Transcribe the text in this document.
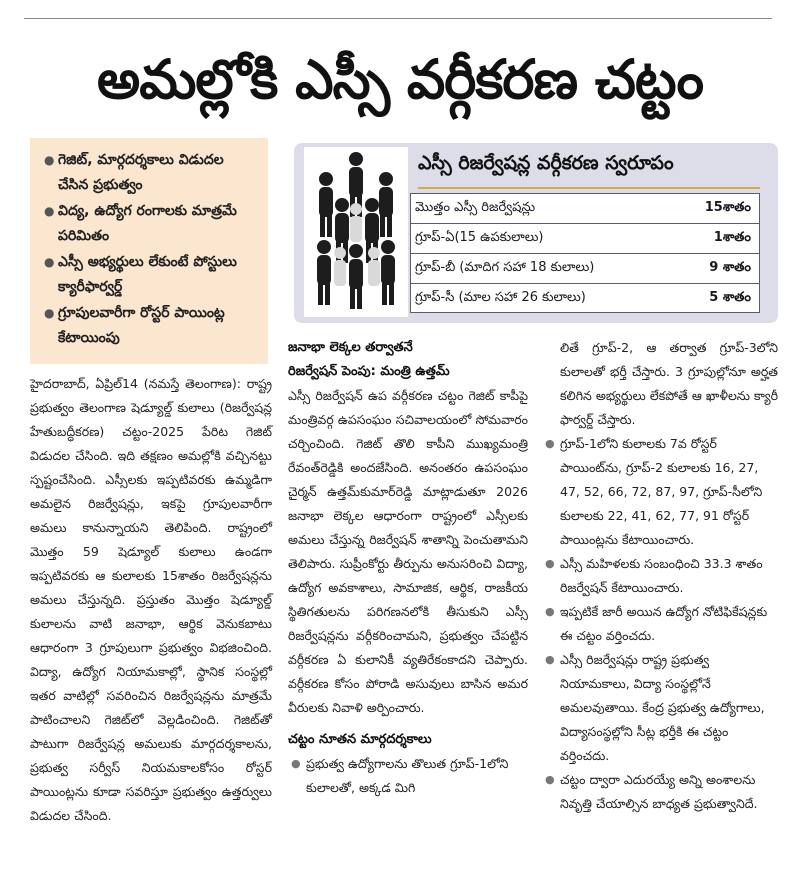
అమల్లోకి ఎస్సీ వర్గీకరణ చట్టం
● గెజిట్, మార్గదర్శకాలు విడుదల చేసిన ప్రభుత్వం
● విద్య, ఉద్యోగ రంగాలకు మాత్రమే పరిమితం
● ఎస్సీ అభ్యర్థులు లేకుంటే పోస్టులు క్యారీఫార్వర్డ్
● గ్రూపులవారీగా రోస్టర్ పాయింట్ల కేటాయింపు
ఎస్సీ రిజర్వేషన్ల వర్గీకరణ స్వరూపం
మొత్తం ఎస్సీ రిజర్వేషన్లు	15శాతం
గ్రూప్‌-ఏ(15 ఉపకులాలు)	1శాతం
గ్రూప్‌-బీ (మాదిగ సహా 18 కులాలు)	9 శాతం
గ్రూప్‌-సీ (మాల సహా 26 కులాలు)	5 శాతం

హైదరాబాద్, ఏప్రిల్14 (నమస్తే తెలంగాణ): రాష్ట్ర ప్రభుత్వం తెలంగాణ షెడ్యూల్డ్ కులాలు (రిజర్వేషన్ల హేతుబద్ధీకరణ) చట్టం-2025 పేరిట గెజిట్ విడుదల చేసింది. ఇది తక్షణం అమల్లోకి వచ్చినట్టు స్పష్టంచేసింది. ఎస్సీలకు ఇప్పటివరకు ఉమ్మడిగా అమలైన రిజర్వేషన్లు, ఇకపై గ్రూపులవారీగా అమలు కానున్నాయని తెలిపింది. రాష్ట్రంలో మొత్తం 59 షెడ్యూల్ కులాలు ఉండగా ఇప్పటివరకు ఆ కులాలకు 15శాతం రిజర్వేషన్లను అమలు చేస్తున్నది. ప్రస్తుతం మొత్తం షెడ్యూల్డ్ కులాలను వాటి జనాభా, ఆర్థిక వెనుకబాటు ఆధారంగా 3 గ్రూపులుగా ప్రభుత్వం విభజించింది. విద్యా, ఉద్యోగ నియామకాల్లో, స్థానిక సంస్థల్లో ఇతర వాటిల్లో సవరించిన రిజర్వేషన్లను మాత్రమే పాటించాలని గెజిట్‌లో వెల్లడించింది. గెజిట్‌తో పాటుగా రిజర్వేషన్ల అమలుకు మార్గదర్శకాలను, ప్రభుత్వ సర్వీస్ నియమకాలకోసం రోస్టర్ పాయింట్లను కూడా సవరిస్తూ ప్రభుత్వం ఉత్తర్వులు విడుదల చేసింది.

జనాభా లెక్కల తర్వాతనే
రిజర్వేషన్ పెంపు: మంత్రి ఉత్తమ్

ఎస్సీ రిజర్వేషన్ ఉప వర్గీకరణ చట్టం గెజిట్ కాపీపై మంత్రివర్గ ఉపసంఘం సచివాలయంలో సోమవారం చర్చించింది. గెజిట్ తొలి కాపీని ముఖ్యమంత్రి రేవంత్‌రెడ్డికి అందజేసింది. అనంతరం ఉపసంఘం చైర్మన్ ఉత్తమ్‌కుమార్‌రెడ్డి మాట్లాడుతూ 2026 జనాభా లెక్కల ఆధారంగా రాష్ట్రంలో ఎస్సీలకు అమలు చేస్తున్న రిజర్వేషన్ శాతాన్ని పెంచుతామని తెలిపారు. సుప్రీంకోర్టు తీర్పును అనుసరించి విద్యా, ఉద్యోగ అవకాశాలు, సామాజిక, ఆర్థిక, రాజకీయ స్థితిగతులను పరిగణనలోకి తీసుకుని ఎస్సీ రిజర్వేషన్లను వర్గీకరించామని, ప్రభుత్వం చేపట్టిన వర్గీకరణ ఏ కులానికీ వ్యతిరేకంకాదని చెప్పారు. వర్గీకరణ కోసం పోరాడి అసువులు బాసిన అమర వీరులకు నివాళి అర్పించారు.

చట్టం నూతన మార్గదర్శకాలు
● ప్రభుత్వ ఉద్యోగాలను తొలుత గ్రూప్‌-1లోని కులాలతో, అక్కడ మిగి

లితే గ్రూప్‌-2, ఆ తర్వాత గ్రూప్‌-3లోని కులాలతో భర్తీ చేస్తారు. 3 గ్రూపుల్లోనూ అర్హత కలిగిన అభ్యర్థులు లేకపోతే ఆ ఖాళీలను క్యారీ ఫార్వర్డ్ చేస్తారు.

● గ్రూప్‌-1లోని కులాలకు 7వ రోస్టర్ పాయింట్‌ను, గ్రూప్‌-2 కులాలకు 16, 27, 47, 52, 66, 72, 87, 97, గ్రూప్‌-సీలోని కులాలకు 22, 41, 62, 77, 91 రోస్టర్ పాయింట్లను కేటాయించారు.
● ఎస్సీ మహిళలకు సంబంధించి 33.3 శాతం రిజర్వేషన్ కేటాయించారు.
● ఇప్పటికే జారీ అయిన ఉద్యోగ నోటిఫికేషన్లకు ఈ చట్టం వర్తించదు.
● ఎస్సీ రిజర్వేషన్లు రాష్ట్ర ప్రభుత్వ నియామకాలు, విద్యా సంస్థల్లోనే అమలవుతాయి. కేంద్ర ప్రభుత్వ ఉద్యోగాలు, విద్యాసంస్థల్లోని సీట్ల భర్తీకి ఈ చట్టం వర్తించదు.
● చట్టం ద్వారా ఎదురయ్యే అన్ని అంశాలను నివృత్తి చేయాల్సిన బాధ్యత ప్రభుత్వానిదే.
